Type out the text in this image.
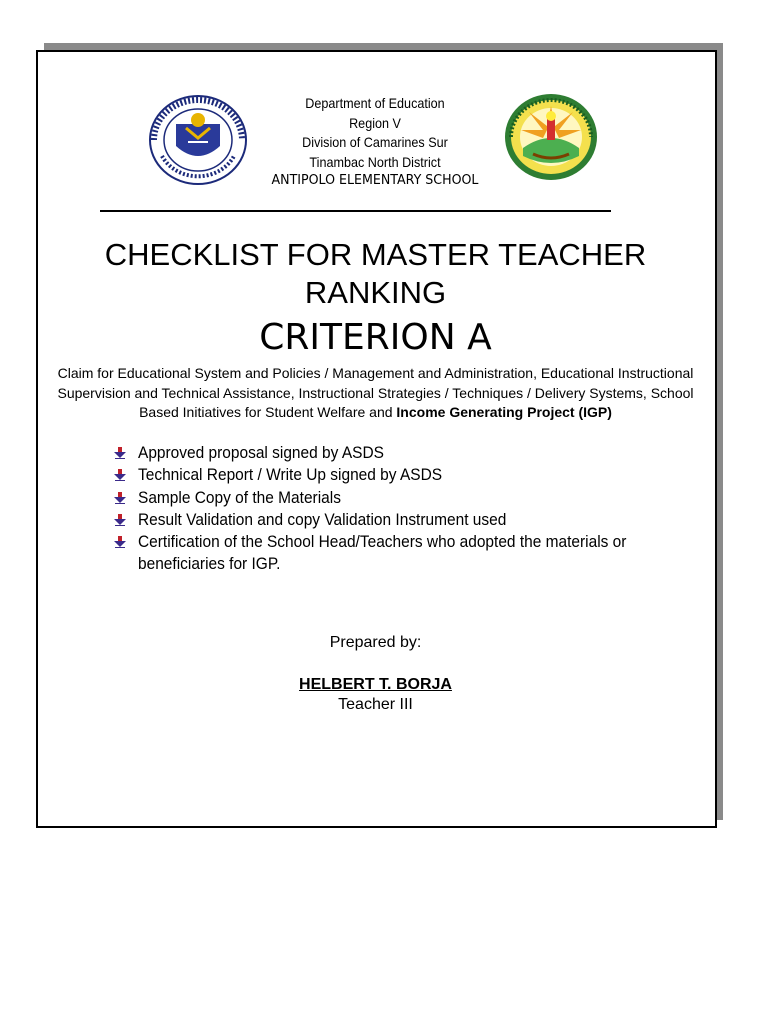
Department of Education
Region V
Division of Camarines Sur
Tinambac North District
ANTIPOLO ELEMENTARY SCHOOL
CHECKLIST FOR MASTER TEACHER
RANKING
CRITERION A
Claim for Educational System and Policies / Management and Administration, Educational Instructional Supervision and Technical Assistance, Instructional Strategies / Techniques / Delivery Systems, School Based Initiatives for Student Welfare and Income Generating Project (IGP)
Approved proposal signed by ASDS
Technical Report / Write Up signed by ASDS
Sample Copy of the Materials
Result Validation and copy Validation Instrument used
Certification of the School Head/Teachers who adopted the materials or
beneficiaries for IGP.
Prepared by:
HELBERT T. BORJA
Teacher III
